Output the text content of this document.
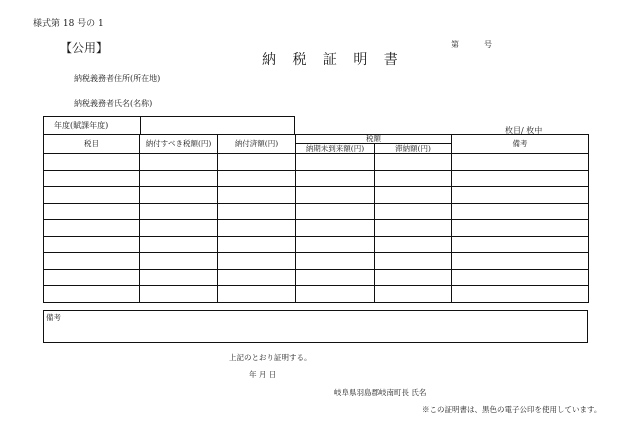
様式第 18 号の 1
【公用】
納 税 証 明 書
第	号
納税義務者住所(所在地)
納税義務者氏名(名称)
年度(賦課年度)
枚目/ 枚中
税目	納付すべき税額(円)	納付済額(円)	税額		備考
			納期未到来額(円)	滞納額(円)	

備考
上記のとおり証明する。
年 月 日
岐阜県羽島郡岐南町長 氏名
※この証明書は、黒色の電子公印を使用しています。
